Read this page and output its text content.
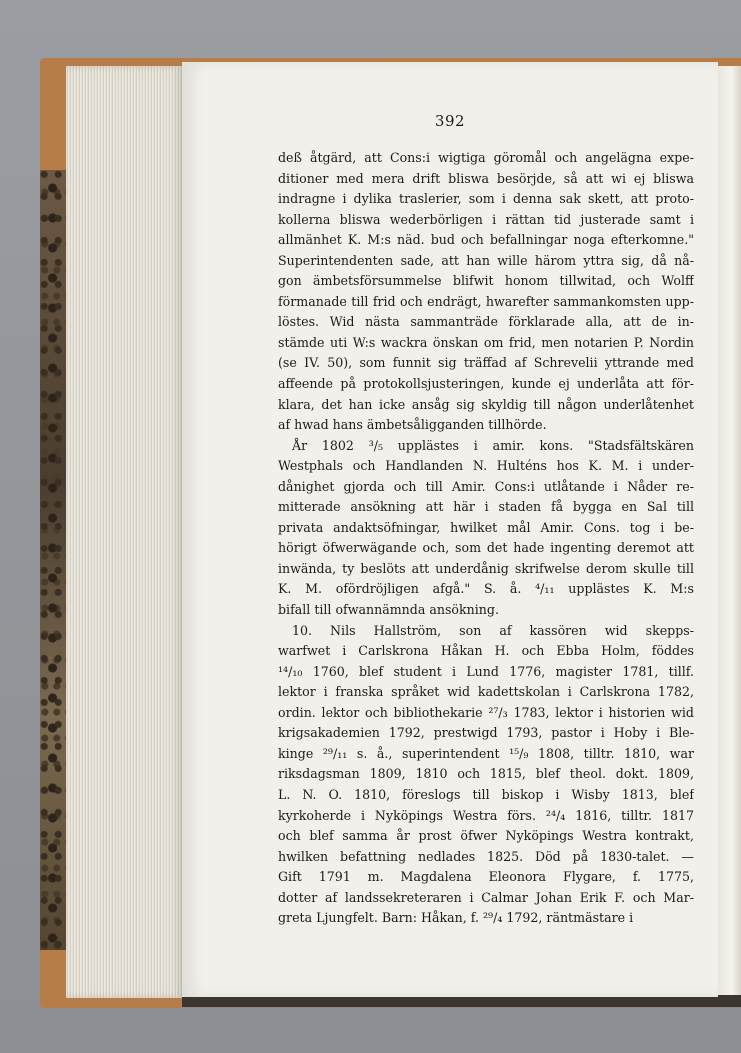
392
deß åtgärd, att Cons:i wigtiga göromål och angelägna expe-
ditioner med mera drift bliswa besörjde, så att wi ej bliswa
indragne i dylika traslerier, som i denna sak skett, att proto-
kollerna bliswa wederbörligen i rättan tid justerade samt i
allmänhet K. M:s näd. bud och befallningar noga efterkomne."
Superintendenten sade, att han wille härom yttra sig, då nå-
gon ämbetsförsummelse blifwit honom tillwitad, och Wolff
förmanade till frid och endrägt, hwarefter sammankomsten upp-
löstes. Wid nästa sammanträde förklarade alla, att de in-
stämde uti W:s wackra önskan om frid, men notarien P. Nordin
(se IV. 50), som funnit sig träffad af Schrevelii yttrande med
affeende på protokollsjusteringen, kunde ej underlåta att för-
klara, det han icke ansåg sig skyldig till någon underlåtenhet
af hwad hans ämbetsåligganden tillhörde.
År 1802 ³/₅ upplästes i amir. kons. "Stadsfältskären
Westphals och Handlanden N. Hulténs hos K. M. i under-
dånighet gjorda och till Amir. Cons:i utlåtande i Nåder re-
mitterade ansökning att här i staden få bygga en Sal till
privata andaktsöfningar, hwilket mål Amir. Cons. tog i be-
hörigt öfwerwägande och, som det hade ingenting deremot att
inwända, ty beslöts att underdånig skrifwelse derom skulle till
K. M. ofördröjligen afgå." S. å. ⁴/₁₁ upplästes K. M:s
bifall till ofwannämnda ansökning.
10. Nils Hallström, son af kassören wid skepps-
warfwet i Carlskrona Håkan H. och Ebba Holm, föddes
¹⁴/₁₀ 1760, blef student i Lund 1776, magister 1781, tillf.
lektor i franska språket wid kadettskolan i Carlskrona 1782,
ordin. lektor och bibliothekarie ²⁷/₃ 1783, lektor i historien wid
krigsakademien 1792, prestwigd 1793, pastor i Hoby i Ble-
kinge ²⁹/₁₁ s. å., superintendent ¹⁵/₉ 1808, tilltr. 1810, war
riksdagsman 1809, 1810 och 1815, blef theol. dokt. 1809,
L. N. O. 1810, föreslogs till biskop i Wisby 1813, blef
kyrkoherde i Nyköpings Westra förs. ²⁴/₄ 1816, tilltr. 1817
och blef samma år prost öfwer Nyköpings Westra kontrakt,
hwilken befattning nedlades 1825. Död på 1830-talet. —
Gift 1791 m. Magdalena Eleonora Flygare, f. 1775,
dotter af landssekreteraren i Calmar Johan Erik F. och Mar-
greta Ljungfelt. Barn: Håkan, f. ²⁹/₄ 1792, räntmästare i
